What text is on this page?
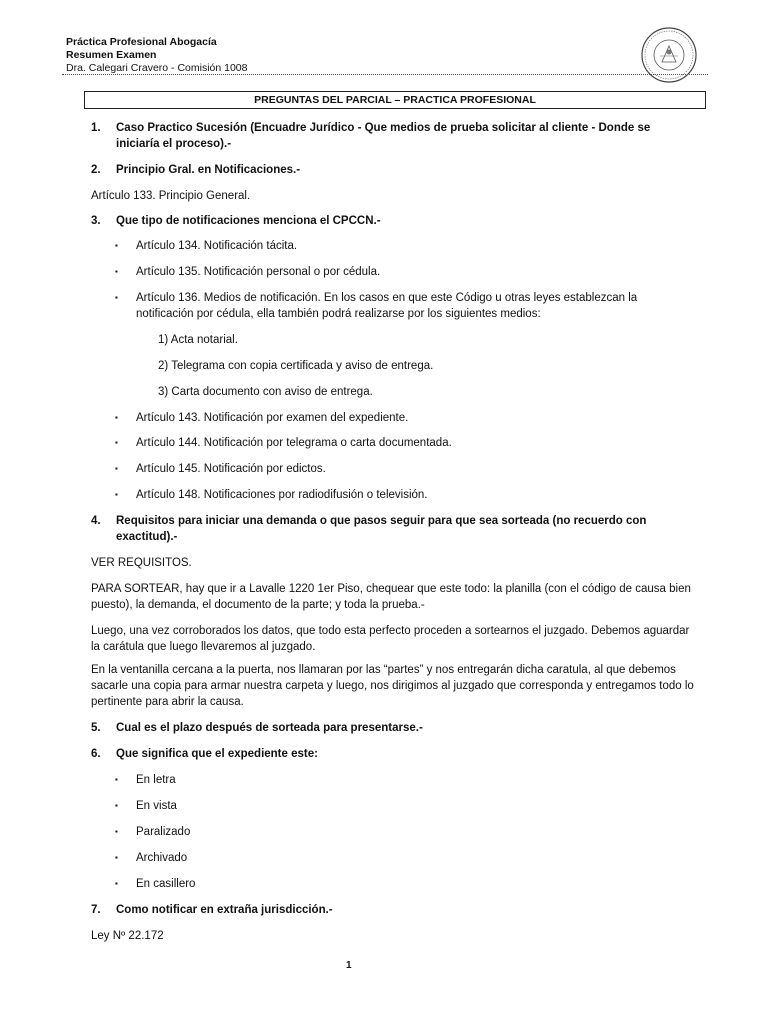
Práctica Profesional Abogacía
Resumen Examen
Dra. Calegari Cravero - Comisión 1008
PREGUNTAS DEL PARCIAL – PRACTICA PROFESIONAL
1. Caso Practico Sucesión (Encuadre Jurídico - Que medios de prueba solicitar al cliente - Donde se iniciaría el proceso).-
2. Principio Gral. en Notificaciones.-
Artículo 133. Principio General.
3. Que tipo de notificaciones menciona el CPCCN.-
▪ Artículo 134. Notificación tácita.
▪ Artículo 135. Notificación personal o por cédula.
▪ Artículo 136. Medios de notificación. En los casos en que este Código u otras leyes establezcan la notificación por cédula, ella también podrá realizarse por los siguientes medios:
1) Acta notarial.
2) Telegrama con copia certificada y aviso de entrega.
3) Carta documento con aviso de entrega.
▪ Artículo 143. Notificación por examen del expediente.
▪ Artículo 144. Notificación por telegrama o carta documentada.
▪ Artículo 145. Notificación por edictos.
▪ Artículo 148. Notificaciones por radiodifusión o televisión.
4. Requisitos para iniciar una demanda o que pasos seguir para que sea sorteada (no recuerdo con exactitud).-
VER REQUISITOS.
PARA SORTEAR, hay que ir a Lavalle 1220 1er Piso, chequear que este todo: la planilla (con el código de causa bien puesto), la demanda, el documento de la parte; y toda la prueba.-
Luego, una vez corroborados los datos, que todo esta perfecto proceden a sortearnos el juzgado. Debemos aguardar la carátula que luego llevaremos al juzgado.
En la ventanilla cercana a la puerta, nos llamaran por las “partes” y nos entregarán dicha caratula, al que debemos sacarle una copia para armar nuestra carpeta y luego, nos dirigimos al juzgado que corresponda y entregamos todo lo pertinente para abrir la causa.
5. Cual es el plazo después de sorteada para presentarse.-
6. Que significa que el expediente este:
▪ En letra
▪ En vista
▪ Paralizado
▪ Archivado
▪ En casillero
7. Como notificar en extraña jurisdicción.-
Ley Nº 22.172
1
